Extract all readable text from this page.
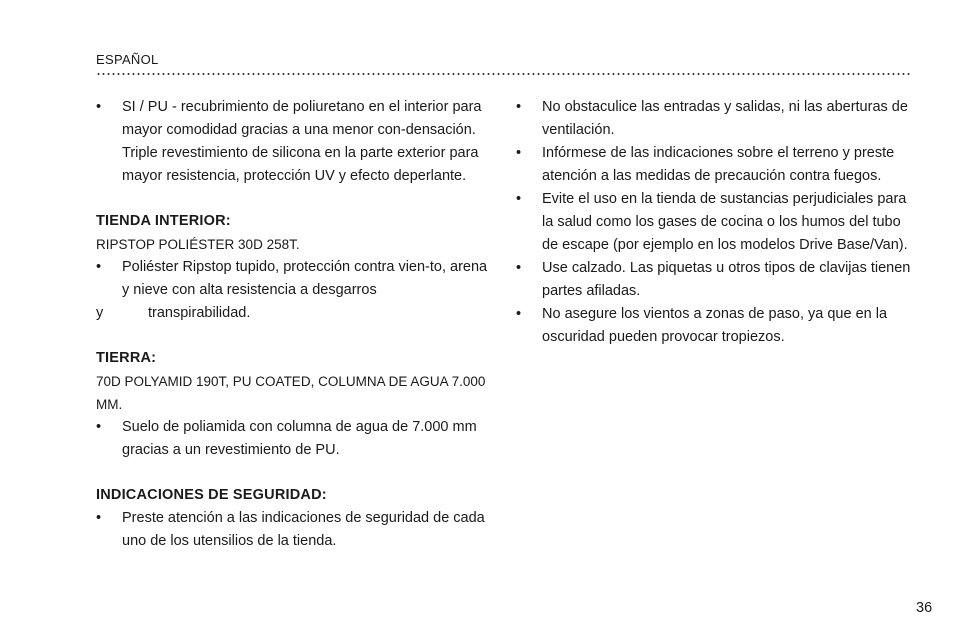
ESPAÑOL
• SI / PU - recubrimiento de poliuretano en el interior para mayor comodidad gracias a una menor con-densación. Triple revestimiento de silicona en la parte exterior para mayor resistencia, protección UV y efecto deperlante.
TIENDA INTERIOR:

RIPSTOP POLIÉSTER 30D 258T.

• Poliéster Ripstop tupido, protección contra vien-to, arena y nieve con alta resistencia a desgarros
y	transpirabilidad.
TIERRA:

70D POLYAMID 190T, PU COATED, COLUMNA DE AGUA 7.000 MM.

• Suelo de poliamida con columna de agua de 7.000 mm gracias a un revestimiento de PU.
INDICACIONES DE SEGURIDAD:
• Preste atención a las indicaciones de seguridad de cada uno de los utensilios de la tienda.
• No obstaculice las entradas y salidas, ni las aberturas de ventilación.
• Infórmese de las indicaciones sobre el terreno y preste atención a las medidas de precaución contra fuegos.
• Evite el uso en la tienda de sustancias perjudiciales para la salud como los gases de cocina o los humos del tubo de escape (por ejemplo en los modelos Drive Base/Van).
• Use calzado. Las piquetas u otros tipos de clavijas tienen partes afiladas.
• No asegure los vientos a zonas de paso, ya que en la oscuridad pueden provocar tropiezos.
36
